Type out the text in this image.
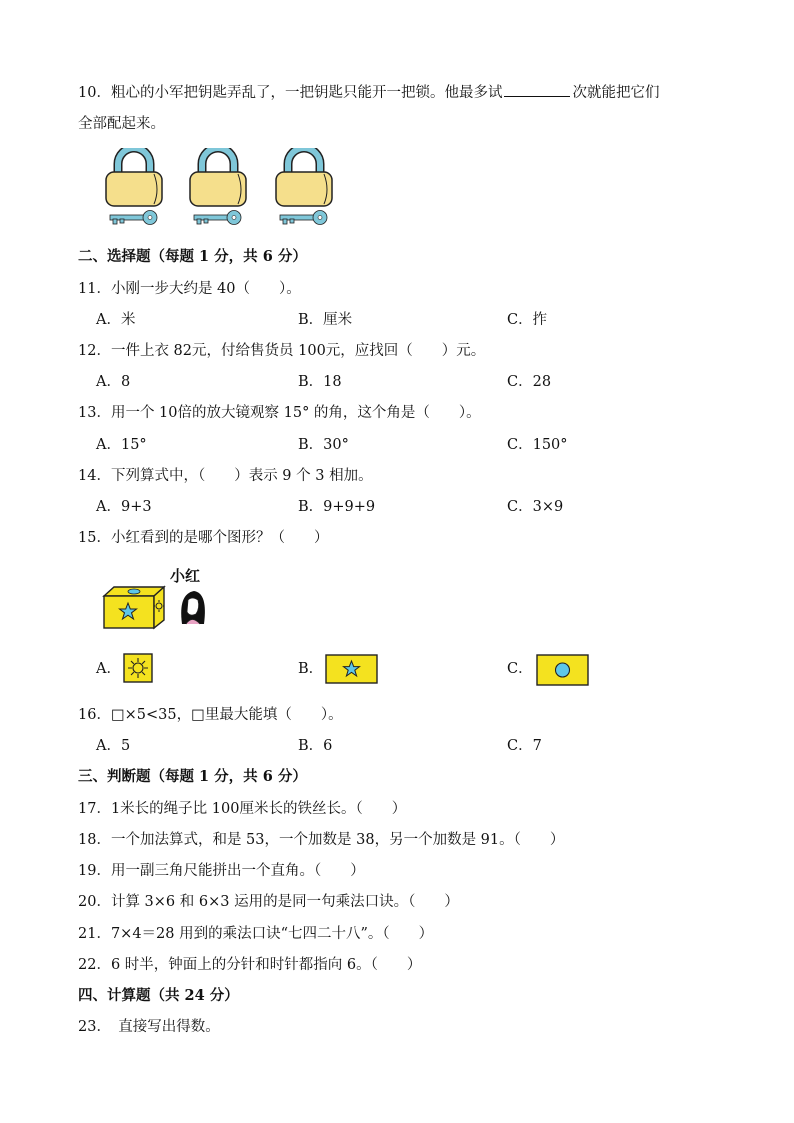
10．粗心的小军把钥匙弄乱了，一把钥匙只能开一把锁。他最多试	次就能把它们
全部配起来。
二、选择题（每题 1 分，共 6 分）
11．小刚一步大约是 40（　　）。
A．米	B．厘米	C．拃
12．一件上衣 82元，付给售货员 100元，应找回（　　）元。
A．8	B．18	C．28
13．用一个 10倍的放大镜观察 15° 的角，这个角是（　　）。
A．15°	B．30°	C．150°
14．下列算式中，（　　）表示 9 个 3 相加。
A．9+3	B．9+9+9	C．3×9
15．小红看到的是哪个图形？（　　）
小红
A．	B．	C．
16．□×5<35，□里最大能填（　　）。
A．5	B．6	C．7
三、判断题（每题 1 分，共 6 分）
17．1米长的绳子比 100厘米长的铁丝长。（　　）
18．一个加法算式，和是 53，一个加数是 38，另一个加数是 91。（　　）
19．用一副三角尺能拼出一个直角。（　　）
20．计算 3×6 和 6×3 运用的是同一句乘法口诀。（　　）
21．7×4＝28 用到的乘法口诀“七四二十八”。（　　）
22．6 时半，钟面上的分针和时针都指向 6。（　　）
四、计算题（共 24 分）
23．　直接写出得数。
